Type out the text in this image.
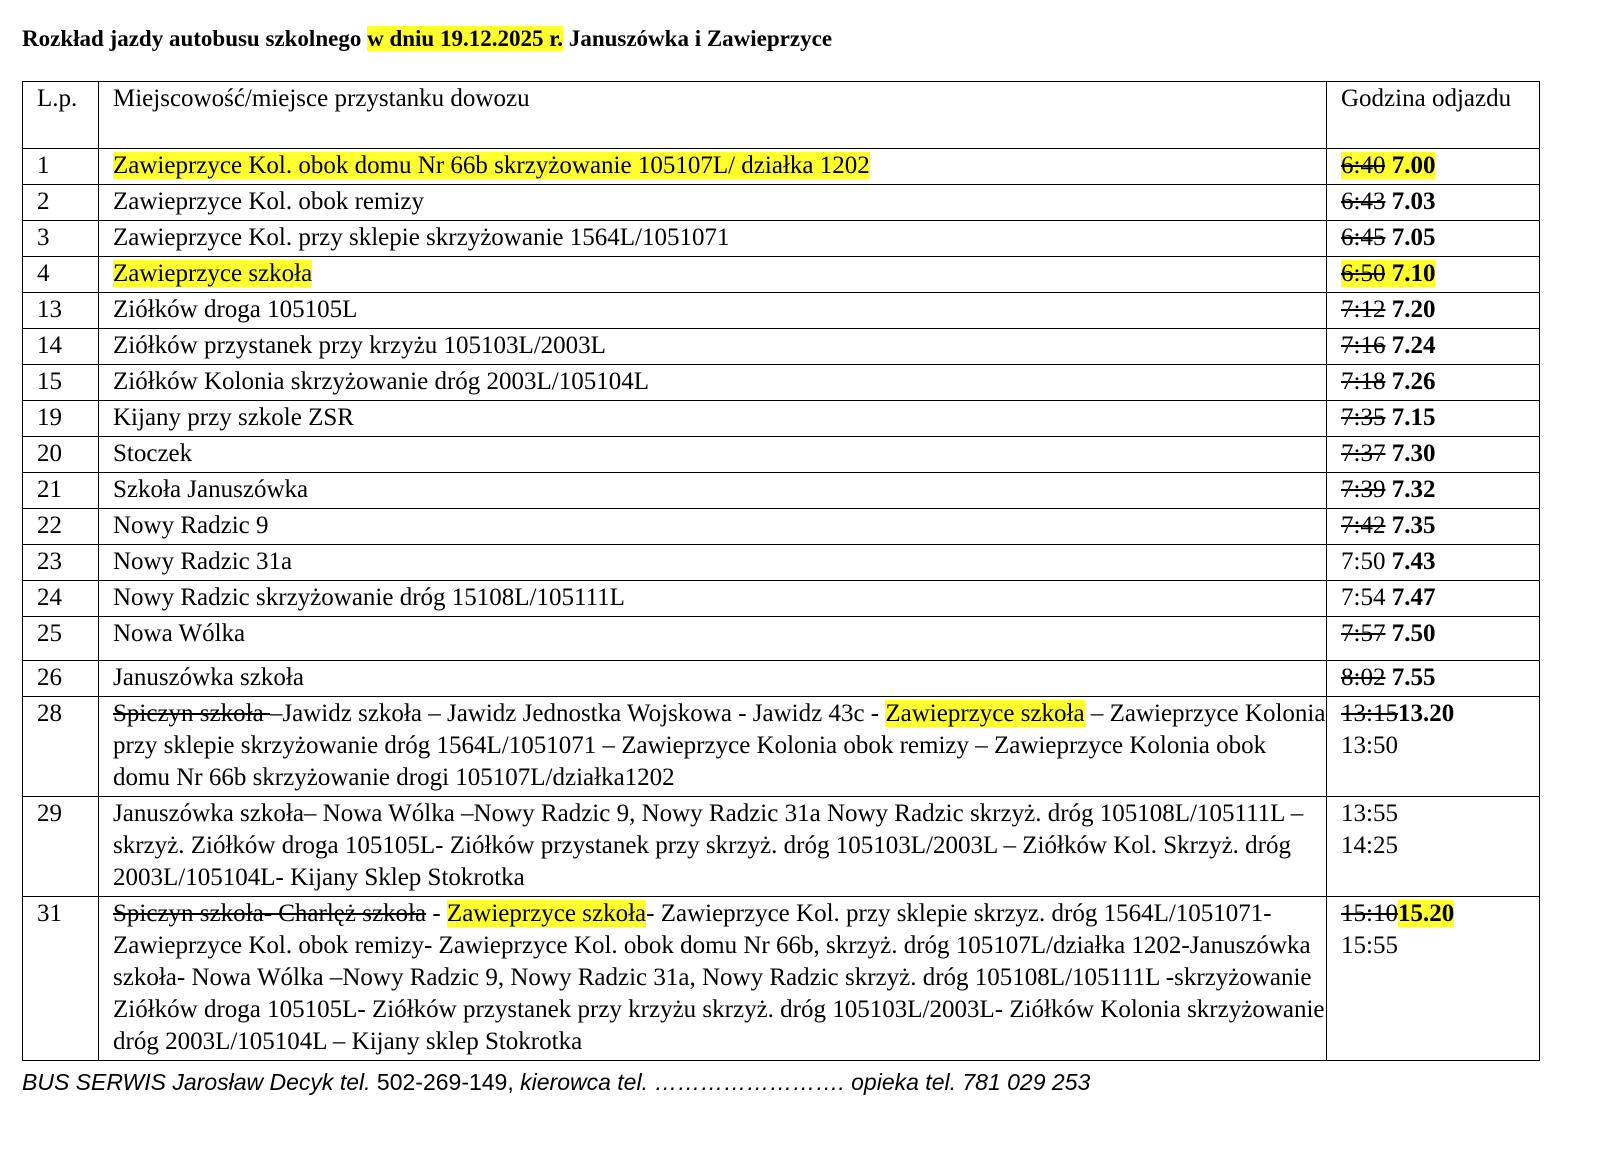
Rozkład jazdy autobusu szkolnego w dniu 19.12.2025 r. Januszówka i Zawieprzyce
L.p.	Miejscowość/miejsce przystanku dowozu	Godzina odjazdu
1	Zawieprzyce Kol. obok domu Nr 66b skrzyżowanie 105107L/ działka 1202	6:40 7.00
2	Zawieprzyce Kol. obok remizy	6:43 7.03
3	Zawieprzyce Kol. przy sklepie skrzyżowanie 1564L/1051071	6:45 7.05
4	Zawieprzyce szkoła	6:50 7.10
13	Ziółków droga 105105L	7:12 7.20
14	Ziółków przystanek przy krzyżu 105103L/2003L	7:16 7.24
15	Ziółków Kolonia skrzyżowanie dróg 2003L/105104L	7:18 7.26
19	Kijany przy szkole ZSR	7:35 7.15
20	Stoczek	7:37 7.30
21	Szkoła Januszówka	7:39 7.32
22	Nowy Radzic 9	7:42 7.35
23	Nowy Radzic 31a	7:50 7.43
24	Nowy Radzic skrzyżowanie dróg 15108L/105111L	7:54 7.47
25	Nowa Wólka	7:57 7.50
26	Januszówka szkoła	8:02 7.55
28	Spiczyn szkoła –Jawidz szkoła – Jawidz Jednostka Wojskowa - Jawidz 43c - Zawieprzyce szkoła – Zawieprzyce Kolonia przy sklepie skrzyżowanie dróg 1564L/1051071 – Zawieprzyce Kolonia obok remizy – Zawieprzyce Kolonia obok domu Nr 66b skrzyżowanie drogi 105107L/działka1202	13:1513.20
13:50

29	Januszówka szkoła– Nowa Wólka –Nowy Radzic 9, Nowy Radzic 31a Nowy Radzic skrzyż. dróg 105108L/105111L – skrzyż. Ziółków droga 105105L- Ziółków przystanek przy skrzyż. dróg 105103L/2003L – Ziółków Kol. Skrzyż. dróg 2003L/105104L- Kijany Sklep Stokrotka	13:55
14:25

31	Spiczyn szkoła- Charlęż szkoła - Zawieprzyce szkoła- Zawieprzyce Kol. przy sklepie skrzyz. dróg 1564L/1051071- Zawieprzyce Kol. obok remizy- Zawieprzyce Kol. obok domu Nr 66b, skrzyż. dróg 105107L/działka 1202-Januszówka szkoła- Nowa Wólka –Nowy Radzic 9, Nowy Radzic 31a, Nowy Radzic skrzyż. dróg 105108L/105111L -skrzyżowanie Ziółków droga 105105L- Ziółków przystanek przy krzyżu skrzyż. dróg 105103L/2003L- Ziółków Kolonia skrzyżowanie dróg 2003L/105104L – Kijany sklep Stokrotka	15:1015.20
15:55
BUS SERWIS Jarosław Decyk tel. 502-269-149, kierowca tel. ……………………. opieka tel. 781 029 253
